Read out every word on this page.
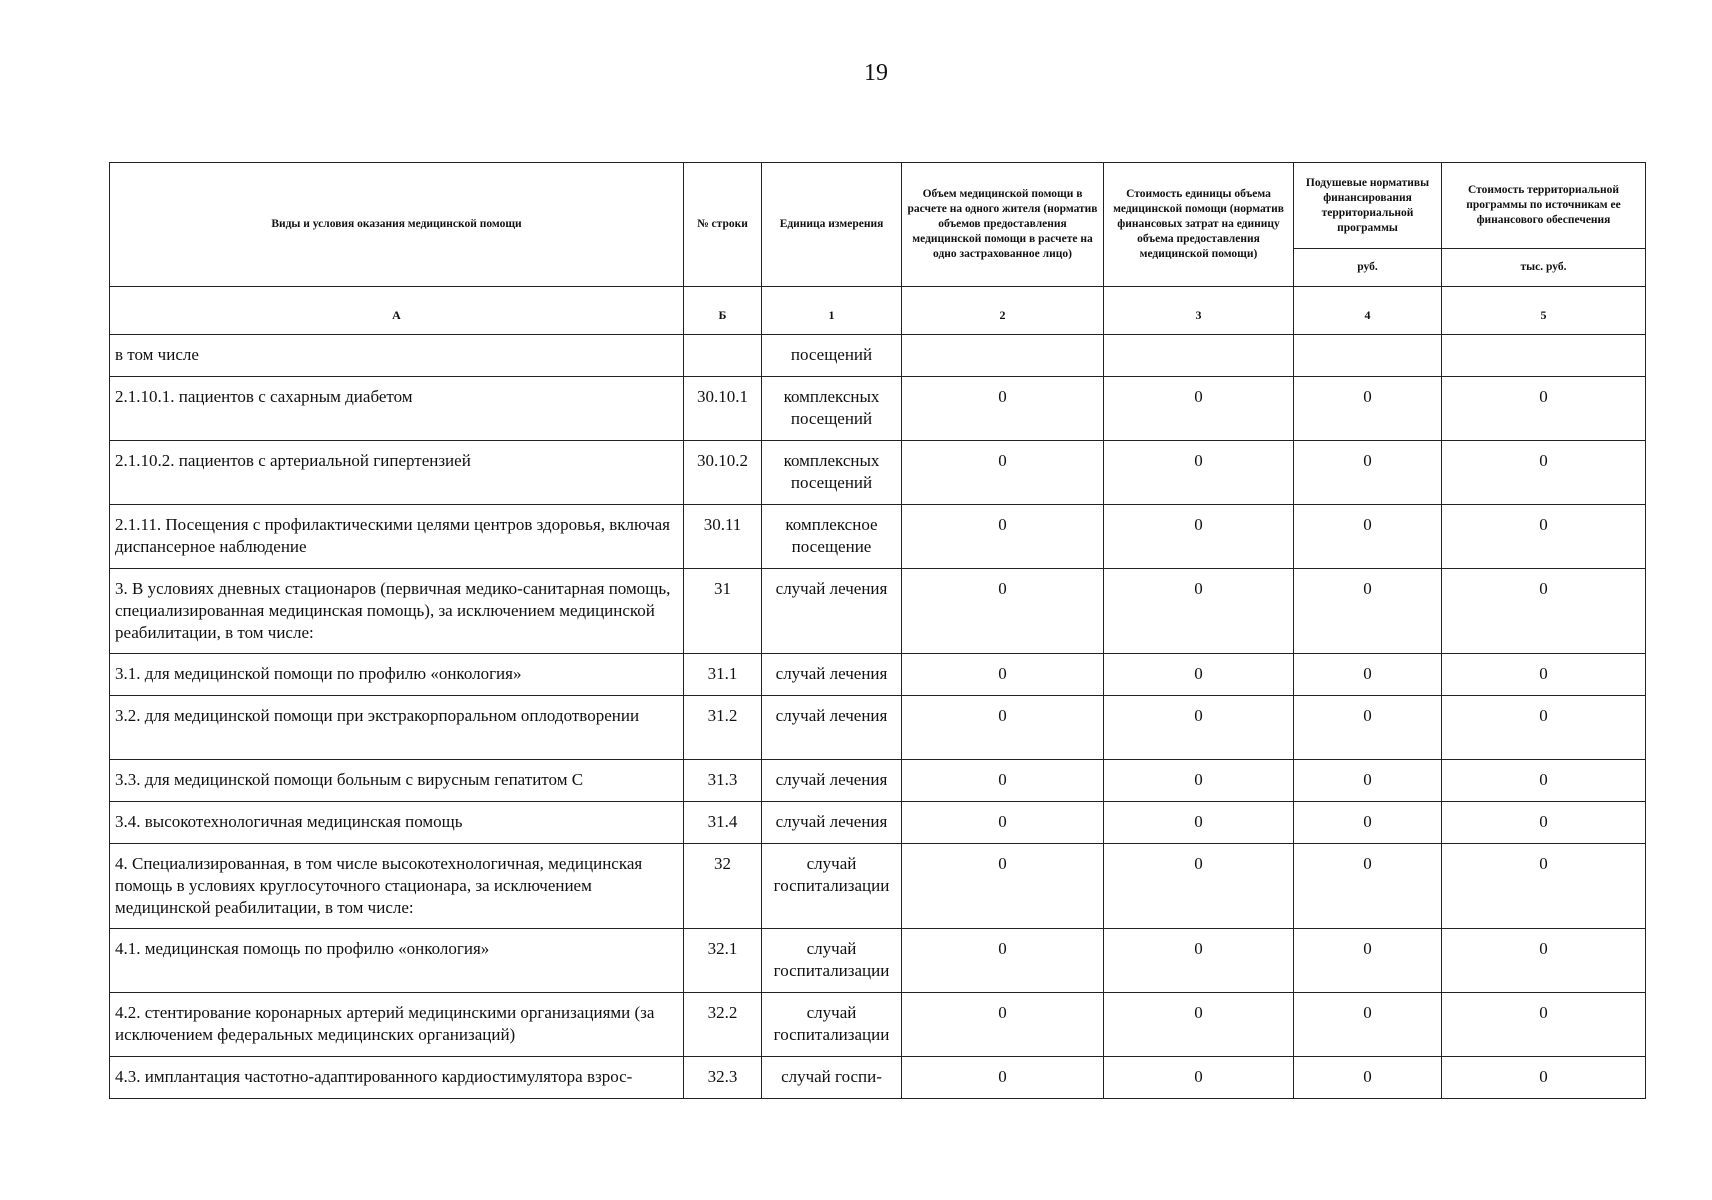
19
Виды и условия оказания медицинской помощи	№ строки	Единица измерения	Объем медицинской помощи в расчете на одного жителя (норматив объемов предоставления медицинской помощи в расчете на одно застрахованное лицо)	Стоимость единицы объема медицинской помощи (норматив финансовых затрат на единицу объема предоставления медицинской помощи)	Подушевые нормативы финансирования территориальной программы	Стоимость территориальной программы по источникам ее финансового обеспечения
					руб.	тыс. руб.
А	Б	1	2	3	4	5
в том числе		посещений				
2.1.10.1. пациентов с сахарным диабетом	30.10.1	комплексных посещений	0	0	0	0
2.1.10.2. пациентов с артериальной гипертензией	30.10.2	комплексных посещений	0	0	0	0
2.1.11. Посещения с профилактическими целями центров здоровья, включая диспансерное наблюдение	30.11	комплексное посещение	0	0	0	0
3. В условиях дневных стационаров (первичная медико-санитарная помощь, специализированная медицинская помощь), за исключением медицинской реабилитации, в том числе:	31	случай лечения	0	0	0	0
3.1. для медицинской помощи по профилю «онкология»	31.1	случай лечения	0	0	0	0
3.2. для медицинской помощи при экстракорпоральном оплодотворении	31.2	случай лечения	0	0	0	0
3.3. для медицинской помощи больным с вирусным гепатитом С	31.3	случай лечения	0	0	0	0
3.4. высокотехнологичная медицинская помощь	31.4	случай лечения	0	0	0	0
4. Специализированная, в том числе высокотехнологичная, медицинская помощь в условиях круглосуточного стационара, за исключением медицинской реабилитации, в том числе:	32	случай госпитализации	0	0	0	0
4.1. медицинская помощь по профилю «онкология»	32.1	случай госпитализации	0	0	0	0
4.2. стентирование коронарных артерий медицинскими организациями (за исключением федеральных медицинских организаций)	32.2	случай госпитализации	0	0	0	0
4.3. имплантация частотно-адаптированного кардиостимулятора взрос-	32.3	случай госпи-	0	0	0	0
